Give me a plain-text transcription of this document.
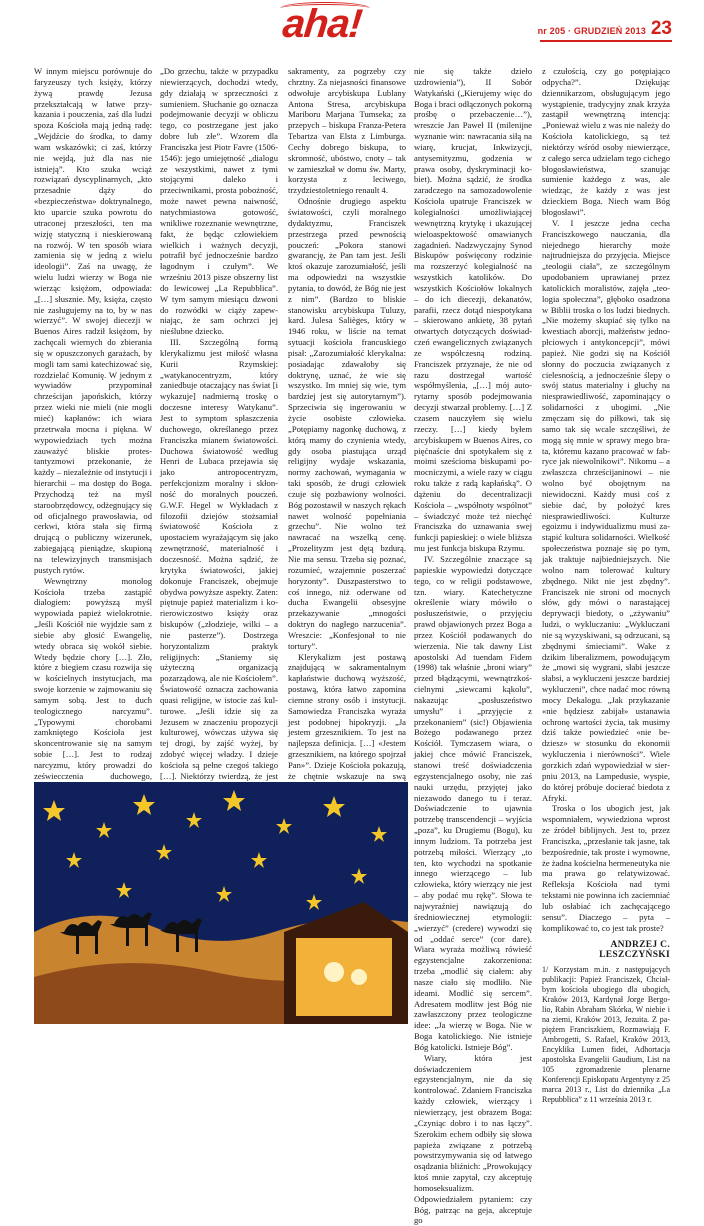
aha!	nr 205 · GRUDZIEŃ 2013 23

W innym miejscu porównuje do faryzeuszy tych księży, którzy żywą prawdę Jezusa przekształcają w łatwe przykazania i pouczenia, zaś dla ludzi spoza Kościoła mają jedną radę: „Wejdźcie do środka, to damy wam wskazówki; ci zaś, którzy nie wejdą, już dla nas nie istnieją”. Kto szuka wciąż rozwiązań dyscyplinarnych, „kto przesadnie dąży do «bezpieczeństwa» doktrynalnego, kto uparcie szuka powrotu do utraconej przeszłości, ten ma wizję statyczną i nieskierowaną na rozwój. W ten sposób wiara zamienia się w jedną z wielu ideologii”. Zaś na uwagę, że wielu ludzi wierzy w Boga nie wierząc księżom, odpowiada: „[…] słusznie. My, księża, często nie zasługujemy na to, by w nas wierzyć”. W swojej diecezji w Buenos Aires radził księżom, by zachęcali wiernych do zbierania się w opuszczonych garażach, by mogli tam sami katechizować się, rozdzielać Komunię. W jednym z wywiadów przypominał chrześcijan japońskich, którzy przez wieki nie mieli (nie mogli mieć) kapłanów: ich wiara przetrwała mocna i piękna. W wypowiedziach tych można zauważyć bliskie protestantyzmowi przekonanie, że każdy – niezależnie od instytucji i hierarchii – ma dostęp do Boga. Przychodzą też na myśl staroobrzędowcy, odżegnujący się od oficjalnego prawosławia, od cerkwi, która stała się firmą drującą o publiczny wizerunek, zabiegającą pieniądze, skupioną na telewizyjnych transmisjach pustych rytów.

Wewnętrzny monolog Kościoła trzeba zastąpić dialogiem: powyższą myśl wypowiada papież wielokrotnie. „Jeśli Kościół nie wyjdzie sam z siebie aby głosić Ewangelię, wtedy obraca się wokół siebie. Wtedy będzie chory […]. Zło, które z biegiem czasu rozwija się w kościelnych instytucjach, ma swoje korzenie w zajmowaniu się samym sobą. Jest to duch teologicznego narcyzmu”. „Typowymi chorobami zamkniętego Kościoła jest skoncentrowanie się na samym sobie […]. Jest to rodzaj narcyzmu, który prowadzi do zeświecczenia duchowego,

„Do grzechu, także w przypadku niewierzących, dochodzi wtedy, gdy działają w sprzeczności z sumieniem. Słuchanie go oznacza podejmowanie decyzji w obliczu tego, co postrzegane jest jako dobre lub złe”. Wzorem dla Franciszka jest Piotr Favre (1506-1546): jego umiejętność „dialogu ze wszystkimi, nawet z tymi stojącymi daleko i przeciwnikami, prosta pobożność, może nawet pewna naiwność, natychmiastowa gotowość, wnikliwe rozeznanie wewnętrzne, fakt, że będąc człowiekiem wielkich i ważnych decyzji, potrafił być jednocześnie bardzo łagodnym i czułym”. We wrześniu 2013 pisze obszerny list do lewicowej „La Repubblica”. W tym samym miesiącu dzwoni do rozwódki w ciąży zapewniając, że sam ochrzci jej nieślubne dziecko.

III. Szczególną formą klerykalizmu jest miłość własna Kurii Rzymskiej: „watykanocentryzm, który zaniedbuje otaczający nas świat [i wykazuje] nadmierną troskę o doczesne interesy Watykanu”. Jest to symptom spłaszczenia duchowego, określanego przez Franciszka mianem światowości. Duchowa światowość według Henri de Lubaca przejawia się jako antropocentryzm, perfekcjonizm moralny i skłonność do moralnych pouczeń. G.W.F. Hegel w Wykładach z filozofii dziejów stożsamiał światowość Kościoła z upostaciem wyrażającym się jako zewnętrzność, materialność i doczesność. Można sądzić, że krytyka światowości, jakiej dokonuje Franciszek, obejmuje obydwa powyższe aspekty. Zaten: piętnuje papież materializm i korierowiczostwo księży oraz biskupów („złodzieje, wilki – a nie pasterze”). Dostrzega horyzontalizm praktyk religijnych: „Staniemy się użyteczną organizacją pozarządową, ale nie Kościołem”. Światowość oznacza zachowania quasi religijne, w istocie zaś kulturowe. „Jeśli idzie się za Jezusem w znaczeniu propozycji kulturowej, wówczas używa się tej drogi, by zajść wyżej, by zdobyć więcej władzy. I dzieje kościoła są pełne czegoś takiego […]. Niektórzy twierdzą, że jest

sakramenty, za pogrzeby czy chrztny. Za niejasności finansowe odwołuje arcybiskupa Lublany Antona Stresa, arcybiskupa Mariboru Marjana Tumseka; za przepych – biskupa Franza-Petera Tebartza van Elsta z Limburga. Cechy dobrego biskupa, to skromność, ubóstwo, cnoty – tak w zamieszkał w domu św. Marty, korzysta z leciwego, trzydziestoletniego renault 4.

Odnośnie drugiego aspektu światowości, czyli moralnego dydaktyzmu, Franciszek przestrzega przed pewnością pouczeń: „Pokora stanowi gwarancję, że Pan tam jest. Jeśli ktoś okazuje zarozumiałość, jeśli ma odpowiedzi na wszystkie pytania, to dowód, że Bóg nie jest z nim”. (Bardzo to bliskie stanowisku arcybiskupa Tuluzy, kard. Julesa Salièges, który w 1946 roku, w liście na temat sytuacji kościoła francuskiego pisał: „Zarozumiałość klerykalna: posiadając zdawałoby się doktrynę, uznać, że wie się wszystko. Im mniej się wie, tym bardziej jest się autorytarnym”). Sprzeciwia się ingerowaniu w życie osobiste człowieka. „Potępiamy nagonkę duchową, z którą mamy do czynienia wtedy, gdy osoba piastująca urząd religijny wydaje wskazania, normy zachowań, wymagania w taki sposób, że drugi człowiek czuje się pozbawiony wolności. Bóg pozostawił w naszych rękach nawet wolność popełniania grzechu”. Nie wolno też nawracać na wszelką cenę. „Prozelityzm jest dętą bzdurą. Nie ma sensu. Trzeba się poznać, rozumieć, wzajemnie poszerzać horyzonty”. Duszpasterstwo to coś innego, niż oderwane od ducha Ewangelii obsesyjne przekazywanie „mnogości doktryn do nagłego narzucenia”. Wreszcie: „Konfesjonał to nie tortury”.

Klerykalizm jest postawą znajdującą w sakramentalnym kapłaństwie duchową wyższość, postawą, która łatwo zapomina ciemne strony osób i instytucji. Samowiedza Franciszka wyraża jest podobnej hipokryzji. „Ja jestem grzesznikiem. To jest na najlepsza definicja. […] «Jestem grzesznikiem, na którego spojrzał Pan»”. Dzieje Kościoła pokazują, że chętnie wskazuje na swą

nie się także dzieło uzdrowienia”), II Sobór Watykański („Kierujemy więc do Boga i braci odłączonych pokorną prośbę o przebaczenie…”), wreszcie Jan Paweł II (milenijne wyznanie win: nawracania siłą na wiarę, krucjat, Inkwizycji, antysemityzmu, godzenia w prawa osoby, dyskryminacji kobiet). Można sądzić, że środka zaradczego na samozadowolenie Kościoła upatruje Franciszek w kolegialności umożliwiającej wewnętrzną krytykę i ukazującej wieloaspektowość omawianych zagadnień. Nadzwyczajny Synod Biskupów poświęcony rodzinie ma rozszerzyć kolegialność na wszystkich katolików. Do wszystkich Kościołów lokalnych – do ich diecezji, dekanatów, parafii, rzecz dotąd niespotykana – skierowano ankietę, 38 pytań otwartych dotyczących doświadczeń ewangelicznych związanych ze współczesną rodziną. Franciszek przyznaje, że nie od razu dostrzegał wartość współmyślenia, „[…] mój autorytarny sposób podejmowania decyzji stwarzał problemy. […] Z czasem nauczyłem się wielu rzeczy. […] kiedy byłem arcybiskupem w Buenos Aires, co pięćnaście dni spotykałem się z moimi sześcioma biskupami pomocniczymi, a wiele razy w ciągu roku także z radą kapłańską”. O dążeniu do decentralizacji Kościoła – „współnoty wspólnot” – świadczyć może też niechęć Franciszka do uznawania swej funkcji papieskiej: o wiele bliższa mu jest funkcja biskupa Rzymu.

IV. Szczególnie znaczące są papieskie wypowiedzi dotyczące tego, co w religii podstawowe, tzn. wiary. Katechetyczne określenie wiary mówiło o posłuszeństwie, o przyjęciu prawd objawionych przez Boga a przez Kościół podawanych do wierzenia. Nie tak dawny List apostolski Ad tuendam Fidem (1998) tak właśnie „broni wiary” przed błądzącymi, wewnątrzkościelnymi „siewcami kąkolu”, nakazując „posłuszeństwo umysłu” i „przyjęcie z przekonaniem” (sic!) Objawienia Bożego podawanego przez Kościół. Tymczasem wiara, o jakiej chce mówić Franciszek, stanowi treść doświadczenia egzystencjalnego osoby, nie zaś nauki urzędu, przyjętej jako niezawodo danego tu i teraz. Doświadczenie to ujawnia potrzebę transcendencji – wyjścia „poza”, ku Drugiemu (Bogu), ku innym ludziom. Ta potrzeba jest potrzebą miłości. Wierzący „to ten, kto wychodzi na spotkanie innego wierzącego – lub człowieka, który wierzący nie jest – aby podać mu rękę”. Słowa te najwyraźniej nawiązują do średniowiecznej etymologii: „wierzyć” (credere) wywodzi się od „oddać serce” (cor dare). Wiara wyraża możliwą rówieść egzystencjalne zakorzeniona: trzeba „modlić się ciałem: aby nasze ciało się modliło. Nie ideami. Modlić się sercem”. Adresatem modlitw jest Bóg nie zawłaszczony przez teologiczne idee: „Ja wierzę w Boga. Nie w Boga katolickiego. Nie istnieje Bóg katolicki. Istnieje Bóg”.

Wiary, która jest doświadczeniem egzystencjalnym, nie da się kontrolować. Zdaniem Franciszka każdy człowiek, wierzący i niewierzący, jest obrazem Boga: „Czyniąc dobro i to nas łączy”. Szerokim echem odbiły się słowa papieża związane z potrzebą powstrzymywania się od łatwego osądzania bliźnich: „Prowokujący ktoś mnie zapytał, czy akceptuję homoseksualizm. Odpowiedziałem pytaniem: czy Bóg, patrząc na geja, akceptuje go

z czułością, czy go potępiająco odpycha?”. Dziękując dziennikarzom, obsługującym jego wystąpienie, tradycyjny znak krzyża zastąpił wewnętrzną intencją: „Ponieważ wielu z was nie należy do Kościoła katolickiego, są też niektórzy wśród osoby niewierzące, z całego serca udzielam tego cichego błogosławieństwa, szanując sumienie każdego z was, ale wiedząc, że każdy z was jest dzieckiem Boga. Niech wam Bóg błogosławi”.

V. I jeszcze jedna cecha Franciszkowego nauczania, dla niejednego hierarchy może najtrudniejsza do przyjęcia. Miejsce „teologii ciała”, ze szczególnym upodobaniem uprawianej przez katolickich moralistów, zajęła „teologia społeczna”, głęboko osadzona w Biblii troska o los ludzi biednych. „Nie możemy skupiać się tylko na kwestiach aborcji, małżeństw jednopłciowych i antykoncepcji”, mówi papież. Nie godzi się na Kościół słonny do poczucia związanych z cielesnością, a jednocześnie ślepy o swój status materialny i głuchy na niesprawiedliwość, zapominający o solidarności z ubogimi. „Nie zmęczam się do piłkowi, tak się samo tak się wcale szczęśliwi, że mogą się mnie w sprawy mego brata, któremu kazano pracować w fabryce jak niewolnikowi”. Nikomu – a zwłaszcza chrześcijaninowi – nie wolno być obojętnym na niewidoczni. Każdy musi coś z siebie dać, by położyć kres niesprawiedliwości. Kulturze egoizmu i indywidualizmu musi zastąpić kultura solidarności. Wielkość społeczeństwa poznaje się po tym, jak traktuje najbiedniejszych. Nie wolno nam tolerować kultury zbędnego. Nikt nie jest zbędny”. Franciszek nie stroni od mocnych słów, gdy mówi o narastającej deprywacji biedoty, o „zżywaniu” ludzi, o wykluczaniu: „Wykluczani nie są wyzyskiwani, są odrzucani, są zbędnymi śmieciami”. Wake z dzikim liberalizmem, powodującym że „mowi się wygrani, słabi jeszcze słabsi, a wykluczeni jeszcze bardziej wykluczeni”, chce nadać moc równą mocy Dekalogu. „Jak przykazanie «nie będziesz zabijał» ustanawia ochronę wartości życia, tak musimy dziś także powiedzieć «nie bedziesz» w stosunku do ekonomii wykluczenia i nierówności”. Wiele gorzkich zdań wypowiedział w sierpniu 2013, na Lampedusie, wyspie, do której próbuje docierać biedota z Afryki.

Troska o los ubogich jest, jak wspomniałem, wywiedziona wprost ze źródeł biblijnych. Jest to, przez Franciszka, „przesłanie tak jasne, tak bezpośrednie, tak proste i wymowne, że żadna kościelna hermeneutyka nie ma prawa go relatywizować. Refleksja Kościoła nad tymi tekstami nie powinna ich zaciemniać lub osłabiać ich zachęcającego sensu”. Diaczego – pyta – komplikować to, co jest tak proste?

ANDRZEJ C. LESZCZYŃSKI

1/ Korzystam m.in. z następujących publikacji: Papież Franciszek, Chciałbym kościoła ubogiego dla ubogich, Kraków 2013, Kardynał Jorge Bergolio, Rabin Abraham Skórka, W niebie i na ziemi, Kraków 2013, Jezuita. Z papiężem Franciszkiem, Rozmawiają F. Ambrogetti, S. Rafael, Kraków 2013, Encyklika Lumen fidei, Adhortacja apostolska Evangelii Gaudium, List na 105 zgromadzenie plenarne Konferencji Episkopatu Argentyny z 25 marca 2013 r., List do dziennika „La Repubblica” z 11 września 2013 r.
